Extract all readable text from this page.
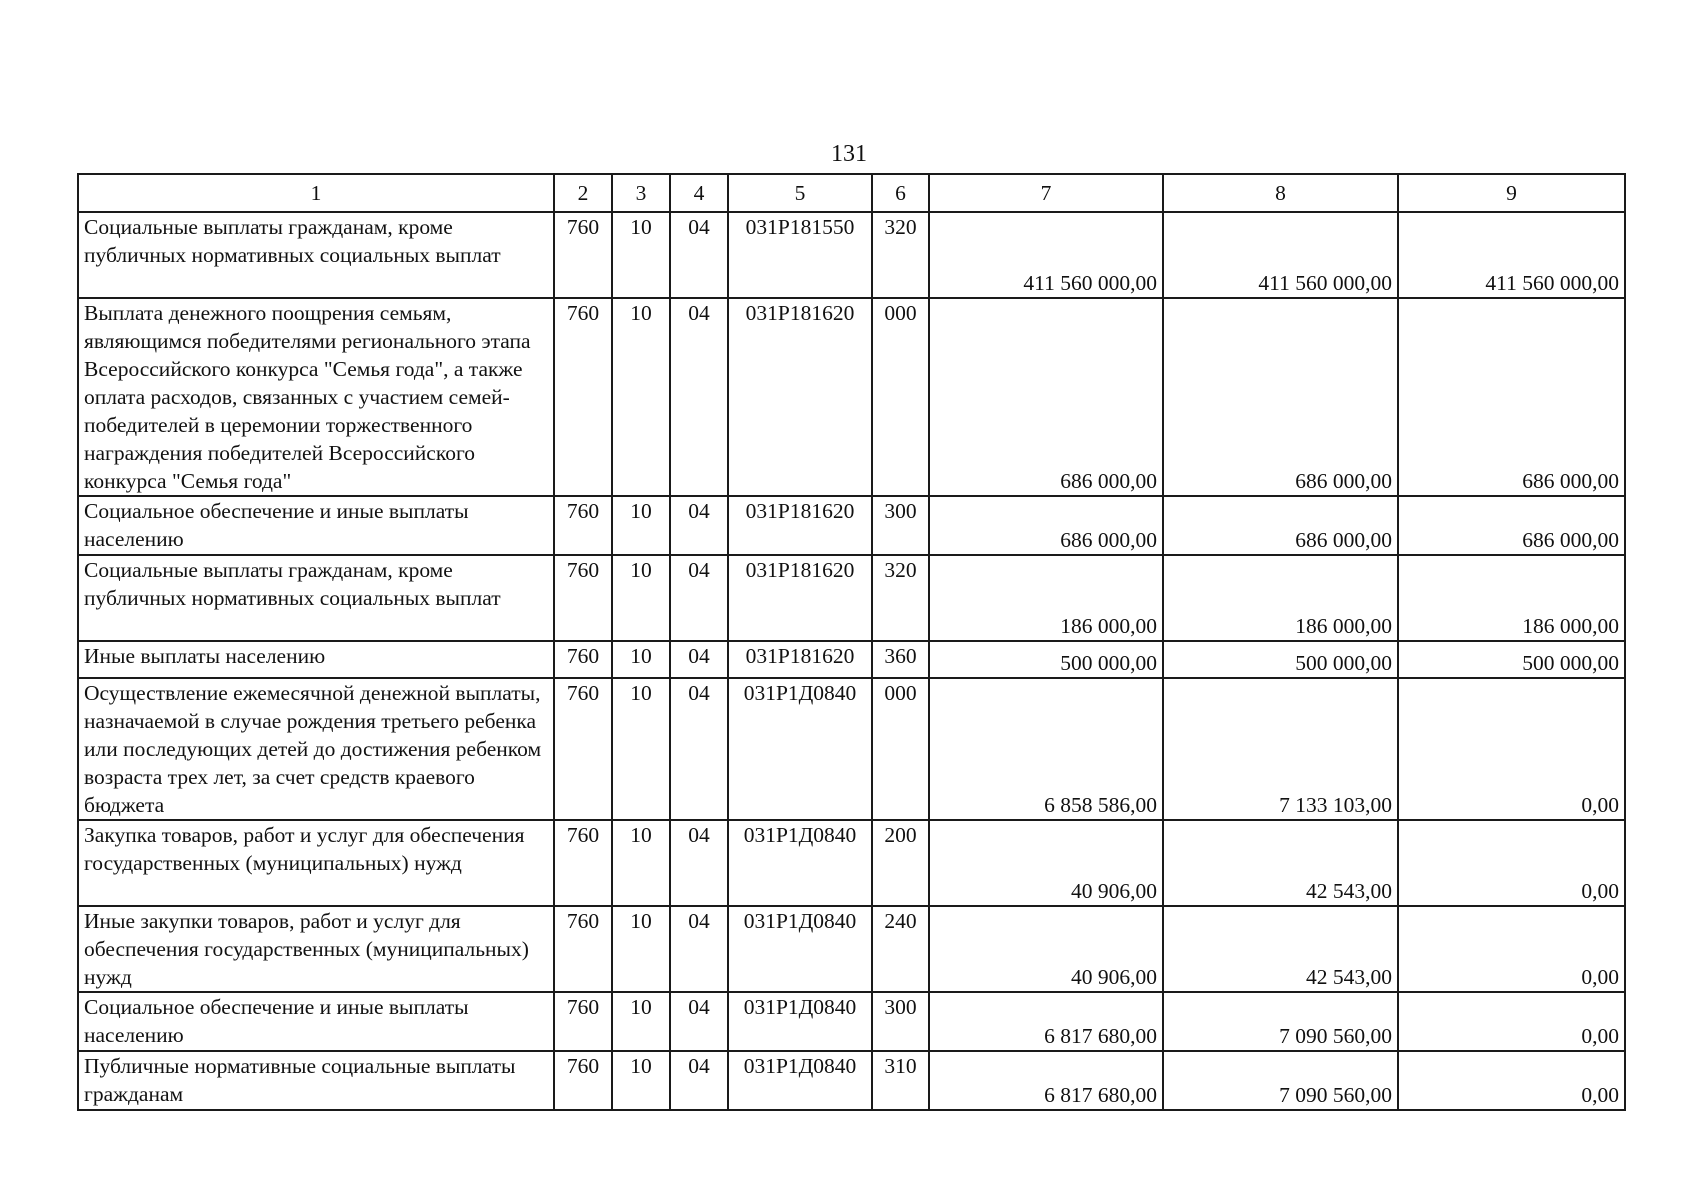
131
1	2	3	4	5	6	7	8	9
Социальные выплаты гражданам, кроме публичных нормативных социальных выплат	760	10	04	031P181550	320	411 560 000,00	411 560 000,00	411 560 000,00
Выплата денежного поощрения семьям, являющимся победителями регионального этапа Всероссийского конкурса "Семья года", а также оплата расходов, связанных с участием семей-победителей в церемонии торжественного награждения победителей Всероссийского конкурса "Семья года"	760	10	04	031P181620	000	686 000,00	686 000,00	686 000,00
Социальное обеспечение и иные выплаты населению	760	10	04	031P181620	300	686 000,00	686 000,00	686 000,00
Социальные выплаты гражданам, кроме публичных нормативных социальных выплат	760	10	04	031P181620	320	186 000,00	186 000,00	186 000,00
Иные выплаты населению	760	10	04	031P181620	360	500 000,00	500 000,00	500 000,00
Осуществление ежемесячной денежной выплаты, назначаемой в случае рождения третьего ребенка или последующих детей до достижения ребенком возраста трех лет, за счет средств краевого бюджета	760	10	04	031P1Д0840	000	6 858 586,00	7 133 103,00	0,00
Закупка товаров, работ и услуг для обеспечения государственных (муниципальных) нужд	760	10	04	031P1Д0840	200	40 906,00	42 543,00	0,00
Иные закупки товаров, работ и услуг для обеспечения государственных (муниципальных) нужд	760	10	04	031P1Д0840	240	40 906,00	42 543,00	0,00
Социальное обеспечение и иные выплаты населению	760	10	04	031P1Д0840	300	6 817 680,00	7 090 560,00	0,00
Публичные нормативные социальные выплаты гражданам	760	10	04	031P1Д0840	310	6 817 680,00	7 090 560,00	0,00
